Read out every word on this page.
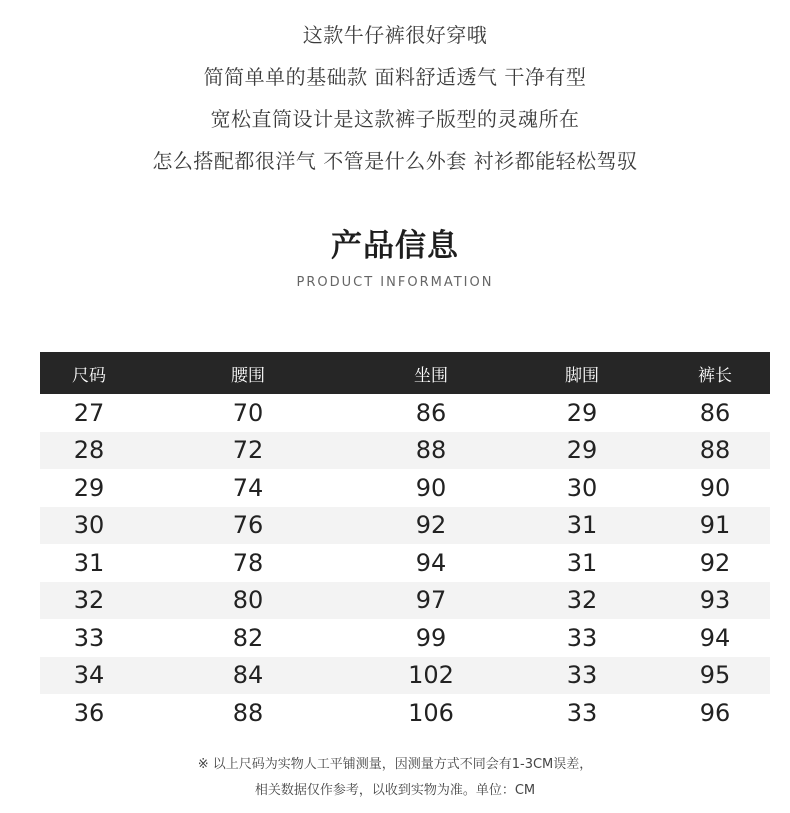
这款牛仔裤很好穿哦
简简单单的基础款 面料舒适透气 干净有型
宽松直筒设计是这款裤子版型的灵魂所在
怎么搭配都很洋气 不管是什么外套 衬衫都能轻松驾驭
产品信息
PRODUCT INFORMATION
尺码	腰围	坐围	脚围	裤长
27	70	86	29	86
28	72	88	29	88
29	74	90	30	90
30	76	92	31	91
31	78	94	31	92
32	80	97	32	93
33	82	99	33	94
34	84	102	33	95
36	88	106	33	96
※ 以上尺码为实物人工平铺测量，因测量方式不同会有1-3CM误差，
相关数据仅作参考，以收到实物为准。单位：CM
